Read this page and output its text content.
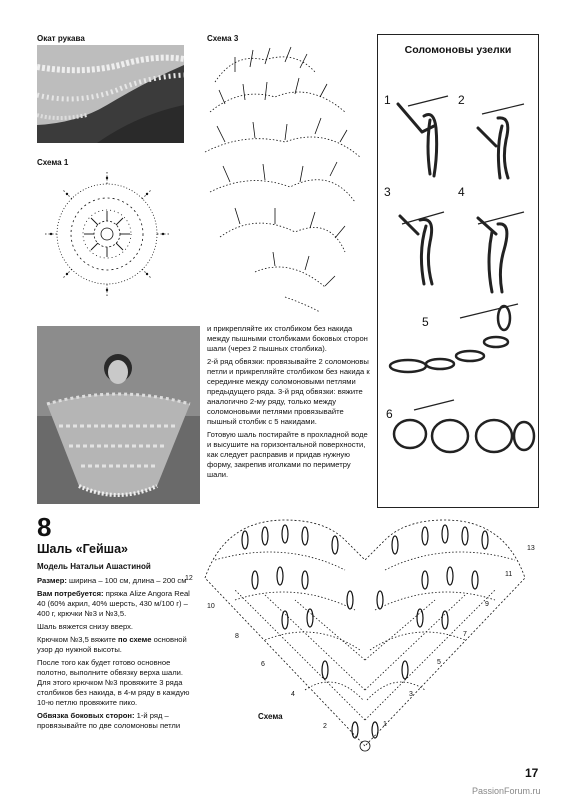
Окат рукава
Схема 1
Схема 3
Соломоновы узелки
1	2
3	4
5
6

и прикрепляйте их столбиком без накида между пышными столбиками боковых сторон шали (через 2 пышных столбика).

2-й ряд обвязки: провязывайте 2 соломоновы петли и прикрепляйте столбиком без накида к серединке между соломоновыми петлями предыдущего ряда. 3-й ряд обвязки: вяжите аналогично 2-му ряду, только между соломоновыми петлями провязывайте пышный столбик с 5 накидами.

Готовую шаль постирайте в прохладной воде и высушите на горизонтальной поверхности, как следует расправив и придав нужную форму, закрепив иголками по периметру шали.

8
Шаль «Гейша»
Модель Натальи Ашастиной

Размер: ширина – 100 см, длина – 200 см

Вам потребуется: пряжа Alize Angora Real 40 (60% акрил, 40% шерсть, 430 м/100 г) – 400 г, крючки №3 и №3,5.

Шаль вяжется снизу вверх.

Крючком №3,5 вяжите по схеме основной узор до нужной высоты.

После того как будет готово основное полотно, выполните обвязку верха шали. Для этого крючком №3 провяжите 3 ряда столбиков без накида, в 4-м ряду в каждую 10-ю петлю провяжите пико.

Обвязка боковых сторон: 1-й ряд – провязывайте по две соломоновы петли

12
10
8
6
4
2
13
11
9
7
5
3
1
Схема
17
PassionForum.ru
